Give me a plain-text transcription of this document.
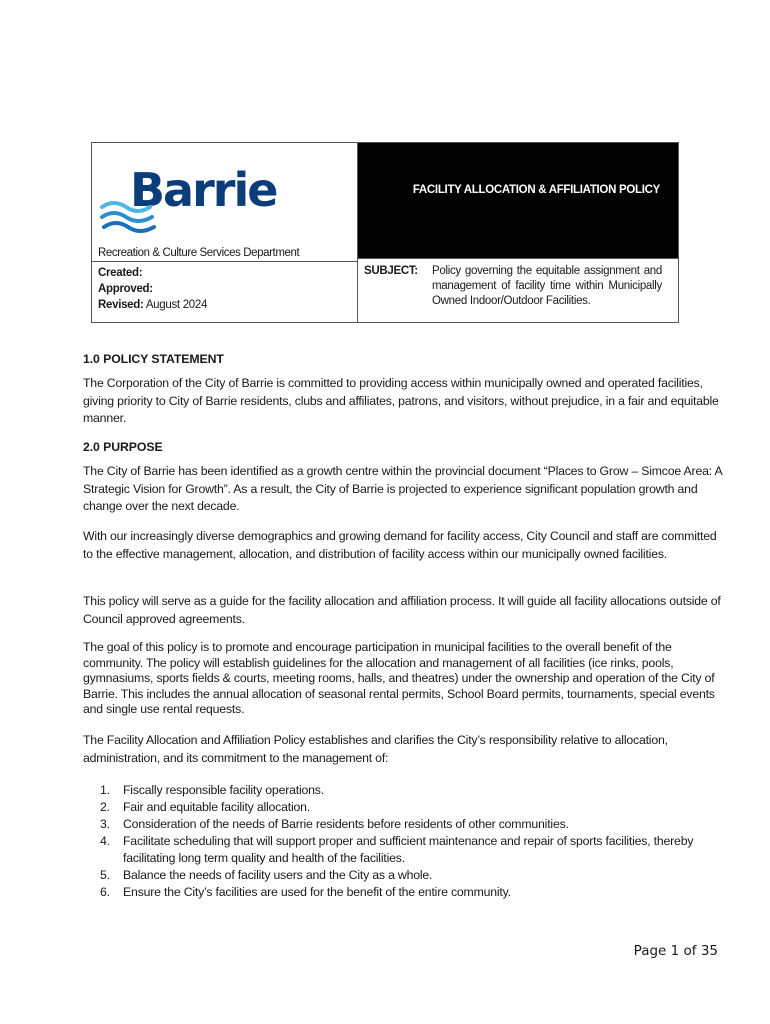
Barrie
Recreation & Culture Services Department
Created:
Approved:
Revised: August 2024
FACILITY ALLOCATION & AFFILIATION POLICY
SUBJECT: Policy governing the equitable assignment and management of facility time within Municipally Owned Indoor/Outdoor Facilities.
1.0 POLICY STATEMENT

The Corporation of the City of Barrie is committed to providing access within municipally owned and operated facilities, giving priority to City of Barrie residents, clubs and affiliates, patrons, and visitors, without prejudice, in a fair and equitable manner.

2.0 PURPOSE

The City of Barrie has been identified as a growth centre within the provincial document “Places to Grow – Simcoe Area: A Strategic Vision for Growth”. As a result, the City of Barrie is projected to experience significant population growth and change over the next decade.

With our increasingly diverse demographics and growing demand for facility access, City Council and staff are committed to the effective management, allocation, and distribution of facility access within our municipally owned facilities.

This policy will serve as a guide for the facility allocation and affiliation process. It will guide all facility allocations outside of Council approved agreements.

The goal of this policy is to promote and encourage participation in municipal facilities to the overall benefit of the community. The policy will establish guidelines for the allocation and management of all facilities (ice rinks, pools, gymnasiums, sports fields & courts, meeting rooms, halls, and theatres) under the ownership and operation of the City of Barrie. This includes the annual allocation of seasonal rental permits, School Board permits, tournaments, special events and single use rental requests.

The Facility Allocation and Affiliation Policy establishes and clarifies the City’s responsibility relative to allocation, administration, and its commitment to the management of:

1. Fiscally responsible facility operations.
2. Fair and equitable facility allocation.
3. Consideration of the needs of Barrie residents before residents of other communities.
4. Facilitate scheduling that will support proper and sufficient maintenance and repair of sports facilities, thereby facilitating long term quality and health of the facilities.
5. Balance the needs of facility users and the City as a whole.
6. Ensure the City’s facilities are used for the benefit of the entire community.
Page 1 of 35
